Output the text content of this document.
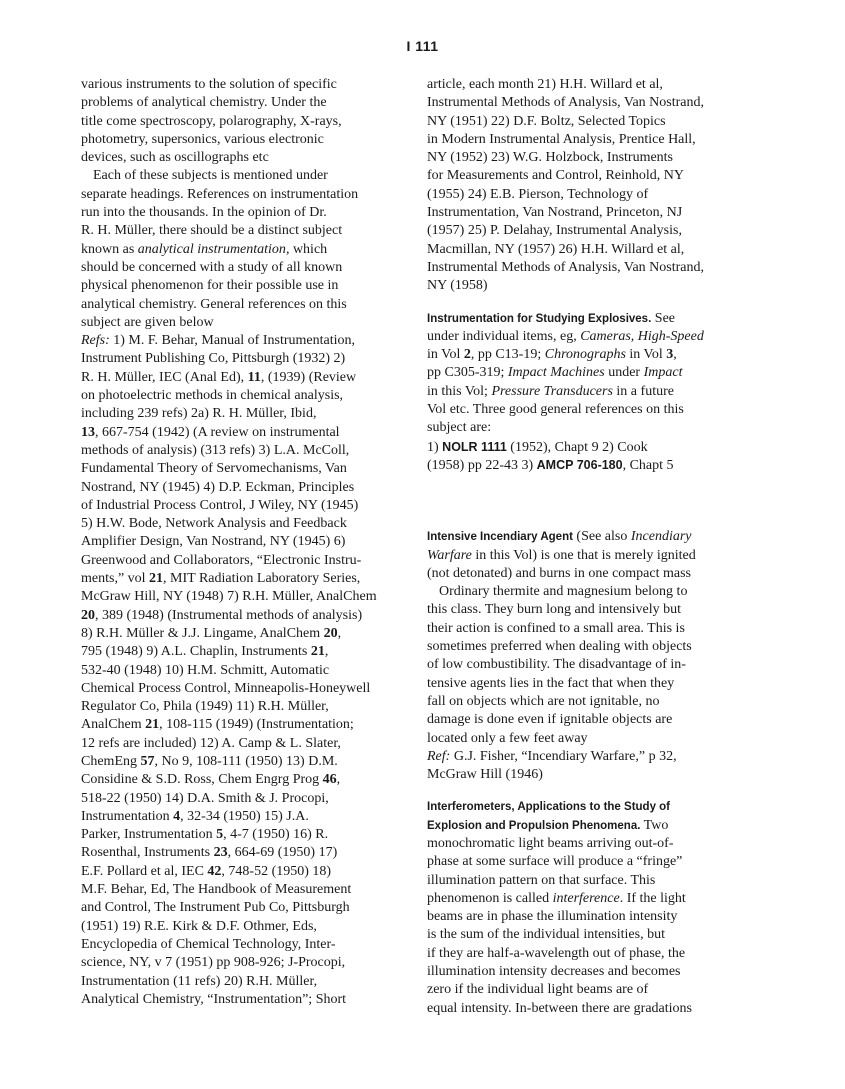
I 111
various instruments to the solution of specific
problems of analytical chemistry. Under the
title come spectroscopy, polarography, X-rays,
photometry, supersonics, various electronic
devices, such as oscillographs etc
Each of these subjects is mentioned under
separate headings. References on instrumentation
run into the thousands. In the opinion of Dr.
R. H. Müller, there should be a distinct subject
known as analytical instrumentation, which
should be concerned with a study of all known
physical phenomenon for their possible use in
analytical chemistry. General references on this
subject are given below
Refs: 1) M. F. Behar, Manual of Instrumentation,
Instrument Publishing Co, Pittsburgh (1932) 2)
R. H. Müller, IEC (Anal Ed), 11, (1939) (Review
on photoelectric methods in chemical analysis,
including 239 refs) 2a) R. H. Müller, Ibid,
13, 667-754 (1942) (A review on instrumental
methods of analysis) (313 refs) 3) L.A. McColl,
Fundamental Theory of Servomechanisms, Van
Nostrand, NY (1945) 4) D.P. Eckman, Principles
of Industrial Process Control, J Wiley, NY (1945)
5) H.W. Bode, Network Analysis and Feedback
Amplifier Design, Van Nostrand, NY (1945) 6)
Greenwood and Collaborators, “Electronic Instru-
ments,” vol 21, MIT Radiation Laboratory Series,
McGraw Hill, NY (1948) 7) R.H. Müller, AnalChem
20, 389 (1948) (Instrumental methods of analysis)
8) R.H. Müller & J.J. Lingame, AnalChem 20,
795 (1948) 9) A.L. Chaplin, Instruments 21,
532-40 (1948) 10) H.M. Schmitt, Automatic
Chemical Process Control, Minneapolis-Honeywell
Regulator Co, Phila (1949) 11) R.H. Müller,
AnalChem 21, 108-115 (1949) (Instrumentation;
12 refs are included) 12) A. Camp & L. Slater,
ChemEng 57, No 9, 108-111 (1950) 13) D.M.
Considine & S.D. Ross, Chem Engrg Prog 46,
518-22 (1950) 14) D.A. Smith & J. Procopi,
Instrumentation 4, 32-34 (1950) 15) J.A.
Parker, Instrumentation 5, 4-7 (1950) 16) R.
Rosenthal, Instruments 23, 664-69 (1950) 17)
E.F. Pollard et al, IEC 42, 748-52 (1950) 18)
M.F. Behar, Ed, The Handbook of Measurement
and Control, The Instrument Pub Co, Pittsburgh
(1951) 19) R.E. Kirk & D.F. Othmer, Eds,
Encyclopedia of Chemical Technology, Inter-
science, NY, v 7 (1951) pp 908-926; J-Procopi,
Instrumentation (11 refs) 20) R.H. Müller,
Analytical Chemistry, “Instrumentation”; Short
article, each month 21) H.H. Willard et al,
Instrumental Methods of Analysis, Van Nostrand,
NY (1951) 22) D.F. Boltz, Selected Topics
in Modern Instrumental Analysis, Prentice Hall,
NY (1952) 23) W.G. Holzbock, Instruments
for Measurements and Control, Reinhold, NY
(1955) 24) E.B. Pierson, Technology of
Instrumentation, Van Nostrand, Princeton, NJ
(1957) 25) P. Delahay, Instrumental Analysis,
Macmillan, NY (1957) 26) H.H. Willard et al,
Instrumental Methods of Analysis, Van Nostrand,
NY (1958)
Instrumentation for Studying Explosives. See
under individual items, eg, Cameras, High-Speed
in Vol 2, pp C13-19; Chronographs in Vol 3,
pp C305-319; Impact Machines under Impact
in this Vol; Pressure Transducers in a future
Vol etc. Three good general references on this
subject are:
1) NOLR 1111 (1952), Chapt 9 2) Cook
(1958) pp 22-43 3) AMCP 706-180, Chapt 5
Intensive Incendiary Agent (See also Incendiary
Warfare in this Vol) is one that is merely ignited
(not detonated) and burns in one compact mass
Ordinary thermite and magnesium belong to
this class. They burn long and intensively but
their action is confined to a small area. This is
sometimes preferred when dealing with objects
of low combustibility. The disadvantage of in-
tensive agents lies in the fact that when they
fall on objects which are not ignitable, no
damage is done even if ignitable objects are
located only a few feet away
Ref: G.J. Fisher, “Incendiary Warfare,” p 32,
McGraw Hill (1946)
Interferometers, Applications to the Study of
Explosion and Propulsion Phenomena. Two
monochromatic light beams arriving out-of-
phase at some surface will produce a “fringe”
illumination pattern on that surface. This
phenomenon is called interference. If the light
beams are in phase the illumination intensity
is the sum of the individual intensities, but
if they are half-a-wavelength out of phase, the
illumination intensity decreases and becomes
zero if the individual light beams are of
equal intensity. In-between there are gradations
